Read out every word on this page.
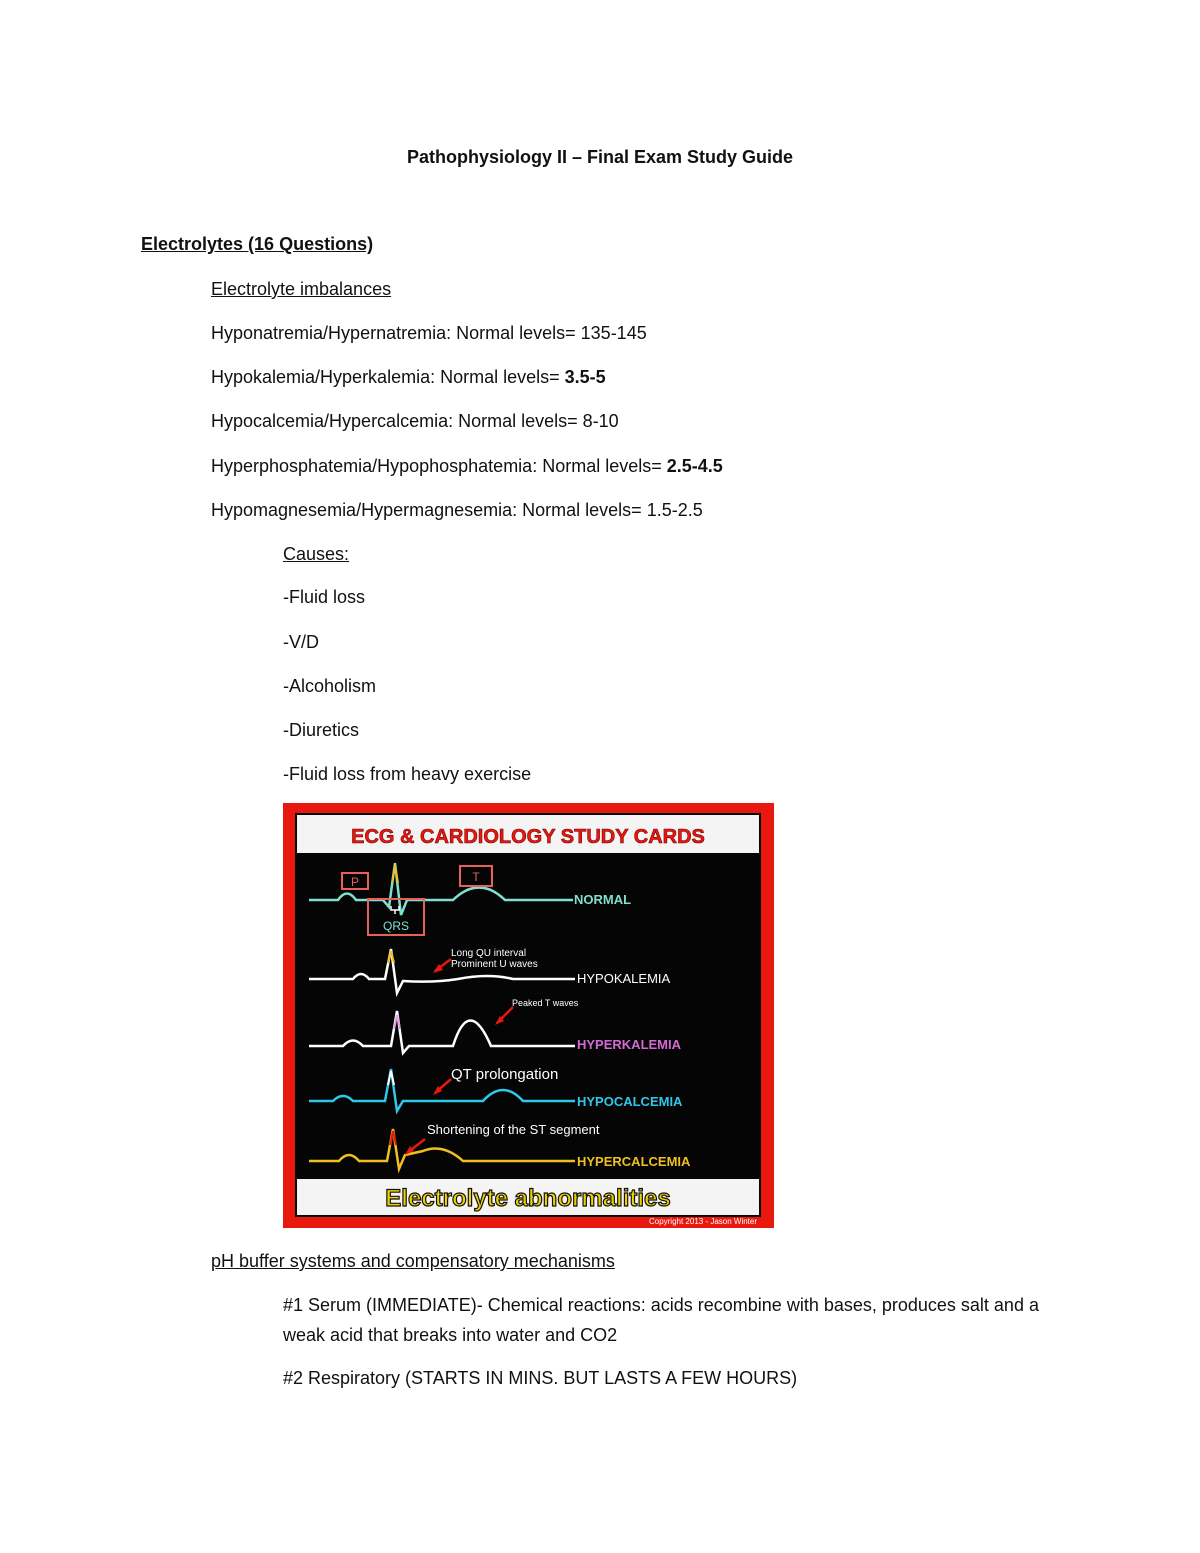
Pathophysiology II – Final Exam Study Guide
Electrolytes (16 Questions)
Electrolyte imbalances
Hyponatremia/Hypernatremia: Normal levels= 135-145
Hypokalemia/Hyperkalemia: Normal levels= 3.5-5
Hypocalcemia/Hypercalcemia: Normal levels= 8-10
Hyperphosphatemia/Hypophosphatemia: Normal levels= 2.5-4.5
Hypomagnesemia/Hypermagnesemia: Normal levels= 1.5-2.5
Causes:
-Fluid loss
-V/D
-Alcoholism
-Diuretics
-Fluid loss from heavy exercise
ECG & CARDIOLOGY STUDY CARDS
P	T
QRS
NORMAL
Long QU interval
Prominent U waves
HYPOKALEMIA
Peaked T waves
HYPERKALEMIA
QT prolongation
HYPOCALCEMIA
Shortening of the ST segment
HYPERCALCEMIA
Electrolyte abnormalities
Copyright 2013 - Jason Winter
pH buffer systems and compensatory mechanisms
#1 Serum (IMMEDIATE)- Chemical reactions: acids recombine with bases, produces salt and a weak acid that breaks into water and CO2
#2 Respiratory (STARTS IN MINS. BUT LASTS A FEW HOURS)
